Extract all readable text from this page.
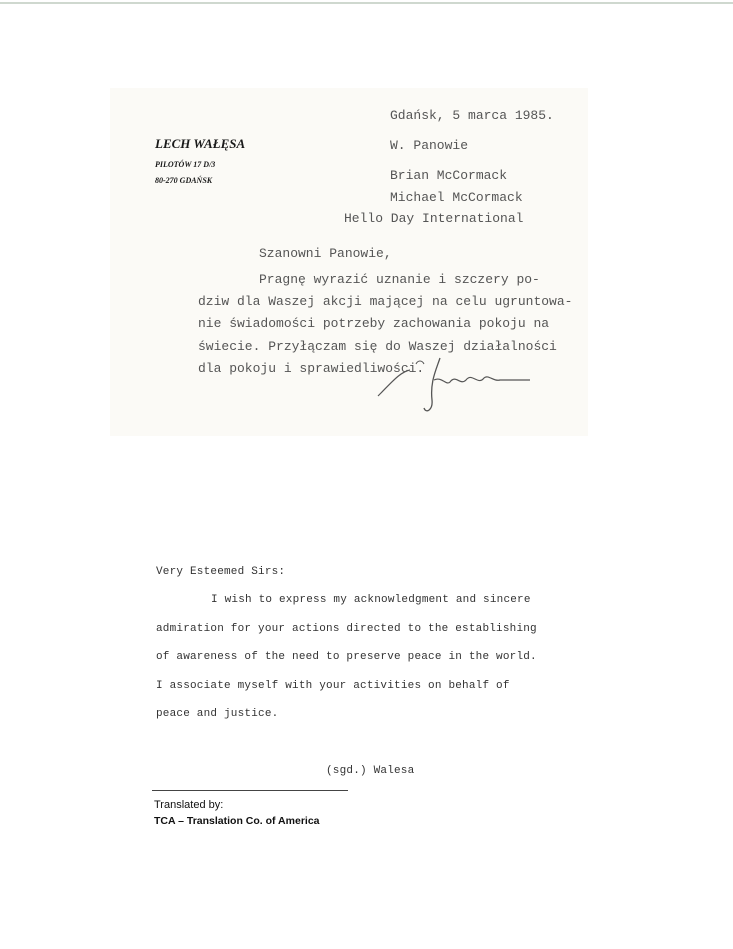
LECH WAŁĘSA
PILOTÓW 17 D/3
80-270 GDAŃSK
Gdańsk, 5 marca 1985.
W. Panowie
Brian McCormack
Michael McCormack
Hello Day International
Szanowni Panowie,
Pragnę wyrazić uznanie i szczery po-
dziw dla Waszej akcji mającej na celu ugruntowa-
nie świadomości potrzeby zachowania pokoju na
świecie. Przyłączam się do Waszej działalności
dla pokoju i sprawiedliwości.
Very Esteemed Sirs:
I wish to express my acknowledgment and sincere
admiration for your actions directed to the establishing
of awareness of the need to preserve peace in the world.
I associate myself with your activities on behalf of
peace and justice.
(sgd.) Walesa
Translated by:
TCA – Translation Co. of America
